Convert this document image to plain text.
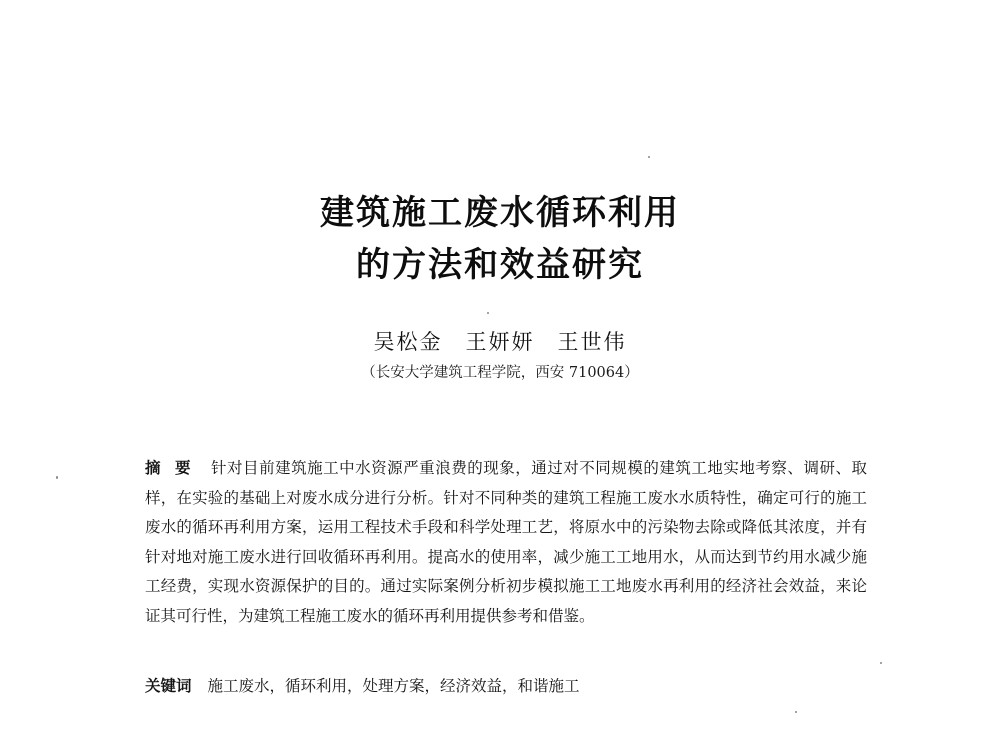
建筑施工废水循环利用
的方法和效益研究
吴松金　王妍妍　王世伟
（长安大学建筑工程学院，西安 710064）
摘要 针对目前建筑施工中水资源严重浪费的现象，通过对不同规模的建筑工地实地考察、调研、取样，在实验的基础上对废水成分进行分析。针对不同种类的建筑工程施工废水水质特性，确定可行的施工废水的循环再利用方案，运用工程技术手段和科学处理工艺，将原水中的污染物去除或降低其浓度，并有针对地对施工废水进行回收循环再利用。提高水的使用率，减少施工工地用水，从而达到节约用水减少施工经费，实现水资源保护的目的。通过实际案例分析初步模拟施工工地废水再利用的经济社会效益，来论证其可行性，为建筑工程施工废水的循环再利用提供参考和借鉴。
关键词 施工废水，循环利用，处理方案，经济效益，和谐施工
